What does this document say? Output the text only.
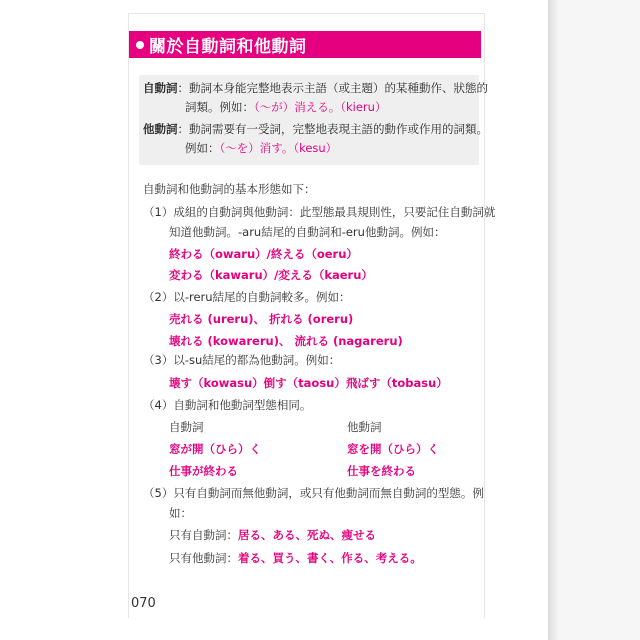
關於自動詞和他動詞
自動詞：動詞本身能完整地表示主語（或主題）的某種動作、狀態的
詞類。例如：（〜が）消える。（kieru）
他動詞：動詞需要有一受詞，完整地表現主語的動作或作用的詞類。
例如：（〜を）消す。（kesu）
自動詞和他動詞的基本形態如下：
（1）成組的自動詞與他動詞：此型態最具規則性，只要記住自動詞就
知道他動詞。-aru結尾的自動詞和-eru他動詞。例如：
終わる（owaru）/終える（oeru）
変わる（kawaru）/変える（kaeru）
（2）以-reru結尾的自動詞較多。例如：
売れる (ureru)、 折れる (oreru)
壊れる (kowareru)、 流れる (nagareru)
（3）以-su結尾的都為他動詞。例如：
壊す（kowasu）倒す（taosu）飛ばす（tobasu）
（4）自動詞和他動詞型態相同。
自動詞	他動詞
窓が開（ひら）く	窓を開（ひら）く
仕事が終わる	仕事を終わる
（5）只有自動詞而無他動詞，或只有他動詞而無自動詞的型態。例
如：
只有自動詞：居る、ある、死ぬ、痩せる
只有他動詞：着る、買う、書く、作る、考える。
070
